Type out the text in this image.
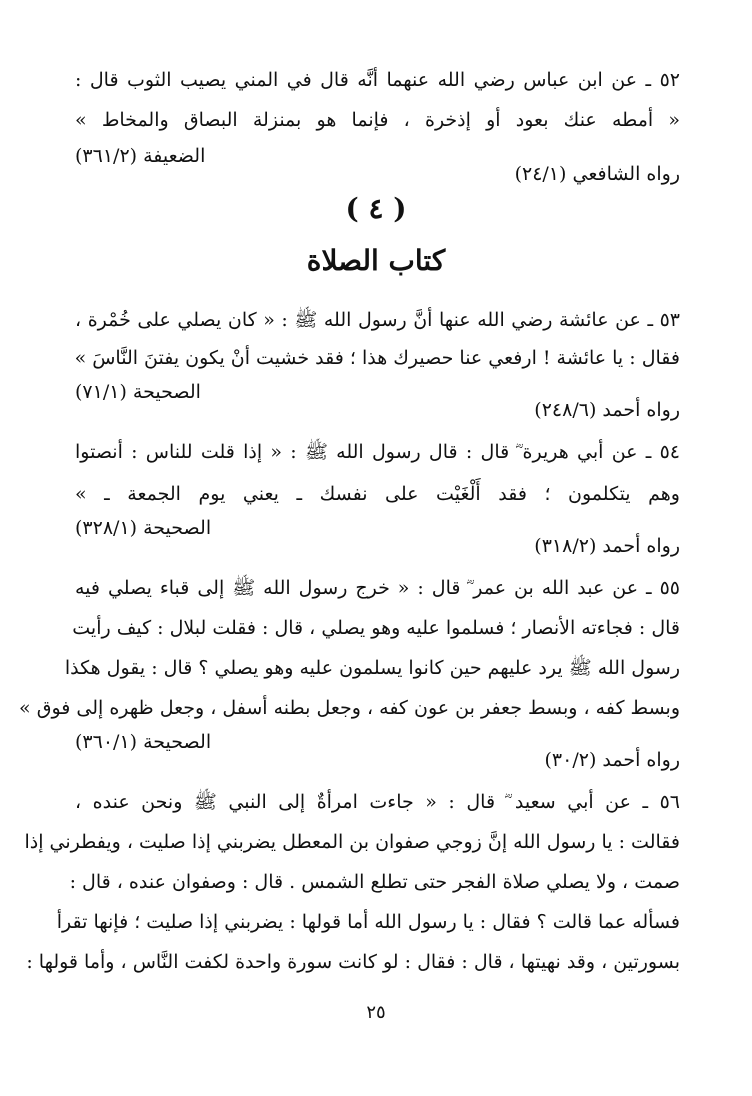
٥٢ ـ عن ابن عباس رضي الله عنهما أنَّه قال في المني يصيب الثوب قال :
« أمطه عنك بعود أو إذخرة ، فإنما هو بمنزلة البصاق والمخاط »
رواه الشافعي (٢٤/١)
الضعيفة (٣٦١/٢)
( ٤ )
كتاب الصلاة
٥٣ ـ عن عائشة رضي الله عنها أنَّ رسول الله ﷺ : « كان يصلي على خُمْرة ،
فقال : يا عائشة ! ارفعي عنا حصيرك هذا ؛ فقد خشيت أنْ يكون يفتنَ النَّاسَ »
رواه أحمد (٢٤٨/٦)
الصحيحة (٧١/١)
٥٤ ـ عن أبي هريرة ؓ قال : قال رسول الله ﷺ : « إذا قلت للناس : أنصتوا
وهم يتكلمون ؛ فقد أَلْغَيْت على نفسك ـ يعني يوم الجمعة ـ »
رواه أحمد (٣١٨/٢)
الصحيحة (٣٢٨/١)
٥٥ ـ عن عبد الله بن عمر ؓ قال : « خرج رسول الله ﷺ إلى قباء يصلي فيه
قال : فجاءته الأنصار ؛ فسلموا عليه وهو يصلي ، قال : فقلت لبلال : كيف رأيت
رسول الله ﷺ يرد عليهم حين كانوا يسلمون عليه وهو يصلي ؟ قال : يقول هكذا
وبسط كفه ، وبسط جعفر بن عون كفه ، وجعل بطنه أسفل ، وجعل ظهره إلى فوق »
رواه أحمد (٣٠/٢)
الصحيحة (٣٦٠/١)
٥٦ ـ عن أبي سعيد ؓ قال : « جاءت امرأةٌ إلى النبي ﷺ ونحن عنده ،
فقالت : يا رسول الله إنَّ زوجي صفوان بن المعطل يضربني إذا صليت ، ويفطرني إذا
صمت ، ولا يصلي صلاة الفجر حتى تطلع الشمس . قال : وصفوان عنده ، قال :
فسأله عما قالت ؟ فقال : يا رسول الله أما قولها : يضربني إذا صليت ؛ فإنها تقرأ
بسورتين ، وقد نهيتها ، قال : فقال : لو كانت سورة واحدة لكفت النَّاس ، وأما قولها :
٢٥
